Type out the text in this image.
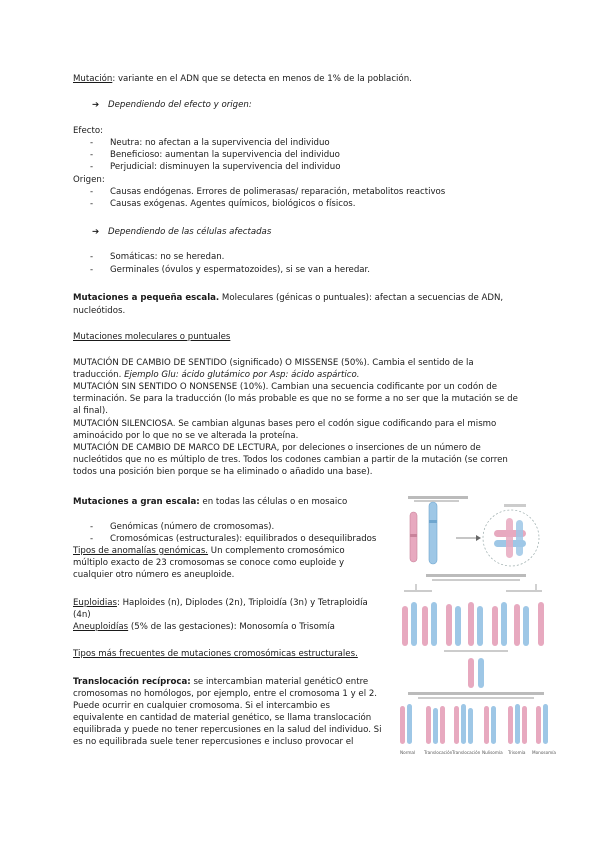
Mutación: variante en el ADN que se detecta en menos de 1% de la población.
➔ Dependiendo del efecto y origen:
Efecto:
- Neutra: no afectan a la supervivencia del individuo
- Beneficioso: aumentan la supervivencia del individuo
- Perjudicial: disminuyen la supervivencia del individuo
Origen:
- Causas endógenas. Errores de polimerasas/ reparación, metabolitos reactivos
- Causas exógenas. Agentes químicos, biológicos o físicos.
➔ Dependiendo de las células afectadas
- Somáticas: no se heredan.
- Germinales (óvulos y espermatozoides), si se van a heredar.
Mutaciones a pequeña escala. Moleculares (génicas o puntuales): afectan a secuencias de ADN,
nucleótidos.
Mutaciones moleculares o puntuales
MUTACIÓN DE CAMBIO DE SENTIDO (significado) O MISSENSE (50%). Cambia el sentido de la
traducción. Ejemplo Glu: ácido glutámico por Asp: ácido aspártico.
MUTACIÓN SIN SENTIDO O NONSENSE (10%). Cambian una secuencia codificante por un codón de
terminación. Se para la traducción (lo más probable es que no se forme a no ser que la mutación se de
al final).
MUTACIÓN SILENCIOSA. Se cambian algunas bases pero el codón sigue codificando para el mismo
aminoácido por lo que no se ve alterada la proteína.
MUTACIÓN DE CAMBIO DE MARCO DE LECTURA, por deleciones o inserciones de un número de
nucleótidos que no es múltiplo de tres. Todos los codones cambian a partir de la mutación (se corren
todos una posición bien porque se ha eliminado o añadido una base).
Mutaciones a gran escala: en todas las células o en mosaico
- Genómicas (número de cromosomas).
- Cromosómicas (estructurales): equilibrados o desequilibrados
Tipos de anomalías genómicas. Un complemento cromosómico
múltiplo exacto de 23 cromosomas se conoce como euploide y
cualquier otro número es aneuploide.
Euploidias: Haploides (n), Diplodes (2n), Triploidía (3n) y Tetraploidía
(4n)
Aneuploidías (5% de las gestaciones): Monosomía o Trisomía
Tipos más frecuentes de mutaciones cromosómicas estructurales.
Translocación recíproca: se intercambian material genéticO entre
cromosomas no homólogos, por ejemplo, entre el cromosoma 1 y el 2.
Puede ocurrir en cualquier cromosoma. Si el intercambio es
equivalente en cantidad de material genético, se llama translocación
equilibrada y puede no tener repercusiones en la salud del individuo. Si
es no equilibrada suele tener repercusiones e incluso provocar el
Normal Translocación Translocación Nulisomía Trisomía Monosomía
